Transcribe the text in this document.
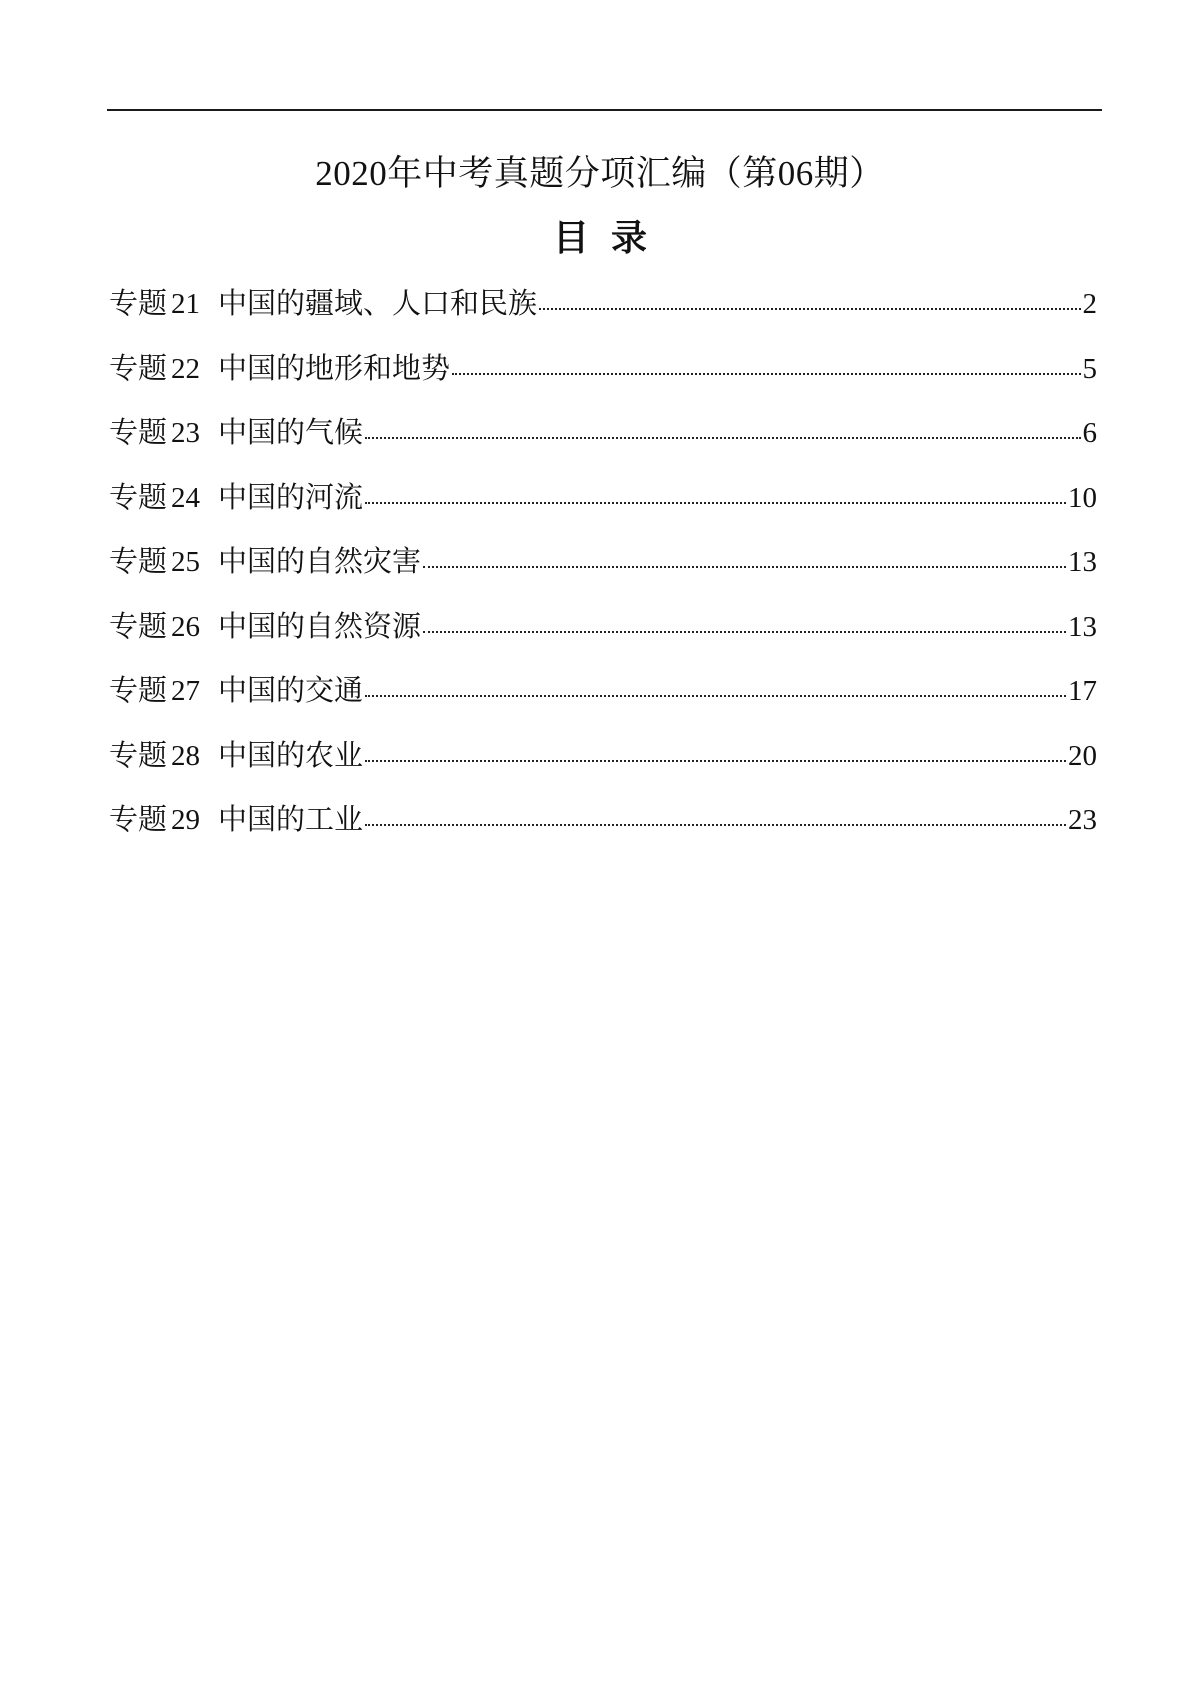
2020年中考真题分项汇编（第06期）
目 录
专题 21 中国的疆域、人口和民族	2
专题 22 中国的地形和地势	5
专题 23 中国的气候	6
专题 24 中国的河流	10
专题 25 中国的自然灾害	13
专题 26 中国的自然资源	13
专题 27 中国的交通	17
专题 28 中国的农业	20
专题 29 中国的工业	23
